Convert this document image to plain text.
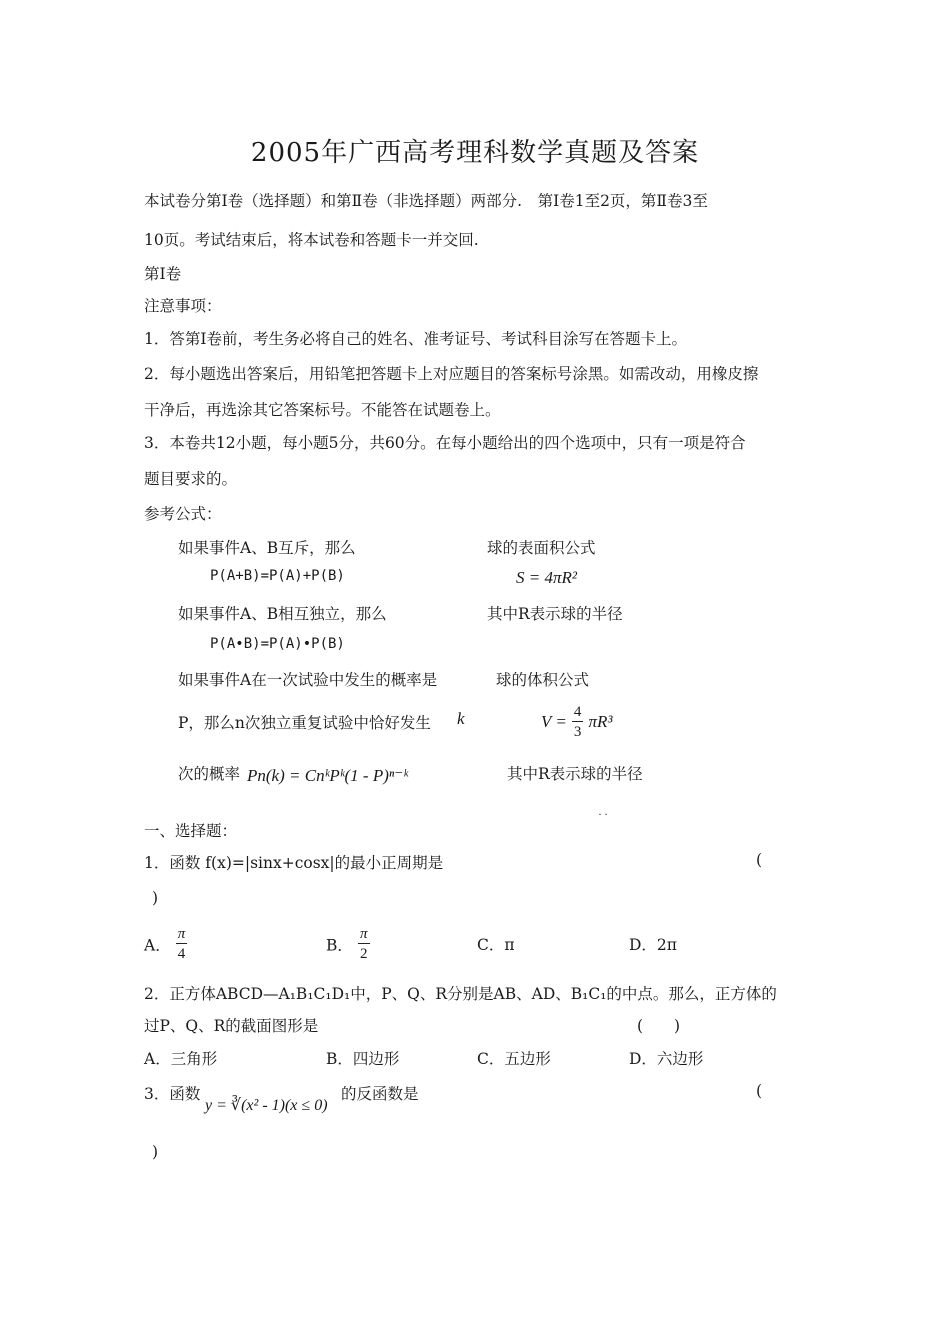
2005年广西高考理科数学真题及答案
本试卷分第Ⅰ卷（选择题）和第Ⅱ卷（非选择题）两部分.　第Ⅰ卷1至2页，第Ⅱ卷3至
10页。考试结束后，将本试卷和答题卡一并交回.
第Ⅰ卷
注意事项：
1．答第Ⅰ卷前，考生务必将自己的姓名、准考证号、考试科目涂写在答题卡上。
2．每小题选出答案后，用铅笔把答题卡上对应题目的答案标号涂黑。如需改动，用橡皮擦
干净后，再选涂其它答案标号。不能答在试题卷上。
3．本卷共12小题，每小题5分，共60分。在每小题给出的四个选项中，只有一项是符合
题目要求的。
参考公式：
如果事件A、B互斥，那么
P(A+B)=P(A)+P(B)
如果事件A、B相互独立，那么
P(A•B)=P(A)•P(B)
如果事件A在一次试验中发生的概率是
P，那么n次独立重复试验中恰好发生 k
次的概率 Pn(k) = CnᵏPᵏ(1 - P)ⁿ⁻ᵏ
球的表面积公式
S = 4πR²
其中R表示球的半径
球的体积公式
$V = \frac{4}{3} \pi R^3$
其中R表示球的半径
一、选择题：
˙˙
1．函数 f(x)=|sinx+cosx|的最小正周期是	(
)
A． $\frac{\pi}{4}$	B． $\frac{\pi}{2}$	C．π	D．2π
2．正方体ABCD—A₁B₁C₁D₁中，P、Q、R分别是AB、AD、B₁C₁的中点。那么，正方体的
过P、Q、R的截面图形是	(　　)
A．三角形	B．四边形	C．五边形	D．六边形
3．函数
y = ∛(x² - 1)(x ≤ 0)
的反函数是	(
)
